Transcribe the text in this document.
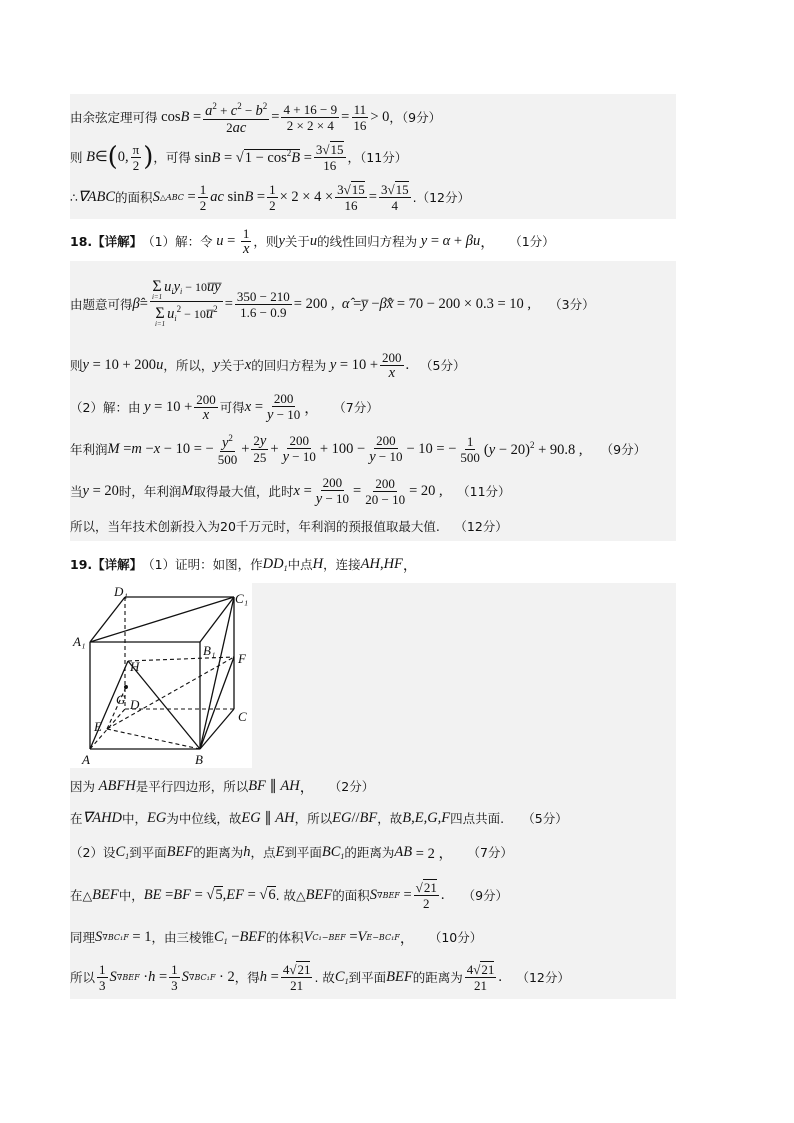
由余弦定理可得 $\cos B = \frac{a^2 + c^2 - b^2}{2ac} = \frac{4 + 16 - 9}{2 \times 2 \times 4} = \frac{11}{16} > 0$ ，（9分）
则 B ∈ ( 0, $\frac{\pi}{2}$ ) ，可得 $\sin B = √1 - \cos^2B = \frac{3√15}{16}$ ，（11分）
∴ ∇ABC 的面积 S △ABC = $\frac{1}{2}$ ac $\sin B = \frac{1}{2} \times 2 \times 4 \times \frac{3√15}{16} = \frac{3√15}{4} .(12$分）
18.【详解】 （1）解：令 $u = \frac{1}{x}$ ，则 y 关于 u 的线性回归方程为 y = α + βu ， （1分）
由题意可得 β̂ = Σ
i=1
$u_iy_i$ − 10u̅y̅
Σ
i=1
$u_i^2$ − 10u̅$^2$ = $\frac{350 - 210}{1.6 - 0.9} = 200$ , α̂ = y̅ − β̂x̅ = 70 − 200 × 0.3 = 10 , （3分）
则 y = 10 + 200 u ，所以， y 关于 x 的回归方程为 $y = 10 + \frac{200}{x}$ . （5分）
（2）解：由 $y = 10 + \frac{200}{x}$ 可得 $x = \frac{200}{y - 10}$ ， （7分）
年利润 M = m − x − 10 = − $\frac{y^2}{500} + \frac{2y}{25} + \frac{200}{y - 10} + 100 - \frac{200}{y - 10} - 10$ = − $\frac{1}{500} (y - 20)^2 + 90.8$ , （9分）
当 y = 20 时，年利润 M 取得最大值，此时 $x = \frac{200}{y - 10} = \frac{200}{20 - 10} = 20$ , （11分）
所以，当年技术创新投入为20千万元时，年利润的预报值取最大值.
（12分）
19.【详解】 （1）证明：如图，作 $DD_1$ 中点 H ，连接 AH , HF ，
D₁	C₁
A₁
B₁
H
F
G D
C
E
A	B
因为 ABFH 是平行四边形，所以 BF ∥ AH ， （2分）
在 ∇AHD 中， EG 为中位线，故 EG ∥ AH ，所以 EG // BF ，故 B,E,G,F 四点共面.
（5分）
（2）设 $C_1$ 到平面 BEF 的距离为 h ，点 E 到平面 $BC_1$ 的距离为 AB = 2 ， （7分）
在△ BEF 中， BE = BF = √5, EF = √6 . 故△ BEF 的面积 S $\nabla BEF = \frac{√21}{2}$ . （9分）
同理 S ∇BC₁F = 1 ，由三棱锥 $C_1$ − BEF 的体积 V C₁−BEF = V E−BC₁F ， （10分）
所以 $\frac{1}{3}$ S $\nabla BEF \cdot h = \frac{1}{3}$ S ∇BC₁F · 2 ，得 $h = \frac{4√21}{21}$ . 故 $C_1$ 到平面 BEF 的距离为 $\frac{4√21}{21}$ . （12分）
